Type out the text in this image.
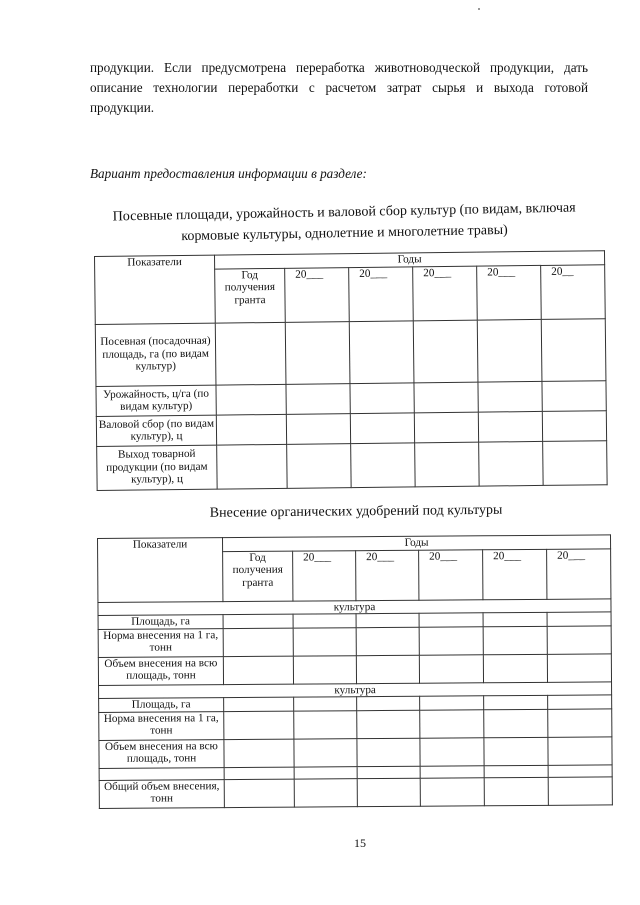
продукции. Если предусмотрена переработка животноводческой продукции, дать описание технологии переработки с расчетом затрат сырья и выхода готовой продукции.

Вариант предоставления информации в разделе:
Посевные площади, урожайность и валовой сбор культур (по видам, включая кормовые культуры, однолетние и многолетние травы)
Показатели	Годы					
	Год получения гранта	20___	20___	20___	20___	20__
Посевная (посадочная) площадь, га (по видам культур)						
Урожайность, ц/га (по видам культур)						
Валовой сбор (по видам культур), ц						
Выход товарной продукции (по видам культур), ц						
Внесение органических удобрений под культуры
Показатели	Годы					
	Год получения гранта	20___	20___	20___	20___	20___
культура						
Площадь, га						
Норма внесения на 1 га, тонн						
Объем внесения на всю площадь, тонн						
культура						
Площадь, га						
Норма внесения на 1 га, тонн						
Объем внесения на всю площадь, тонн						

Общий объем внесения, тонн						
15
